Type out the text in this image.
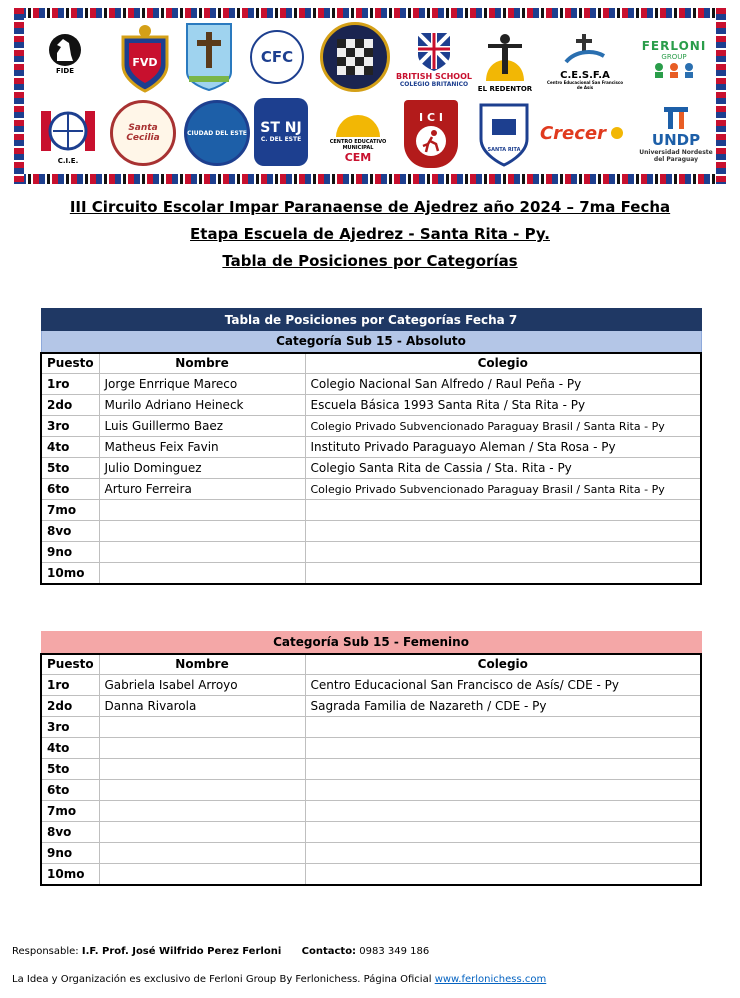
FIDE
FVD	CFC
BRITISH SCHOOL
COLEGIO BRITANICO
EL REDENTOR
C.E.S.F.A
Centro Educacional San Francisco de Asís
FERLONI
GROUP
C.I.E.
Santa Cecilia	CIUDAD DEL ESTE ST NJ
C. DEL ESTE	CENTRO EDUCATIVO MUNICIPAL
CEM
I C I
SANTA RITA
Crecer	UNDP
Universidad Nordeste del Paraguay
III Circuito Escolar Impar Paranaense de Ajedrez año 2024 – 7ma Fecha
Etapa Escuela de Ajedrez - Santa Rita - Py.
Tabla de Posiciones por Categorías
Tabla de Posiciones por Categorías Fecha 7		
Categoría Sub 15 - Absoluto		
Puesto	Nombre	Colegio
1ro	Jorge Enrrique Mareco	Colegio Nacional San Alfredo / Raul Peña - Py
2do	Murilo Adriano Heineck	Escuela Básica 1993 Santa Rita / Sta Rita - Py
3ro	Luis Guillermo Baez	Colegio Privado Subvencionado Paraguay Brasil / Santa Rita - Py
4to	Matheus Feix Favin	Instituto Privado Paraguayo Aleman / Sta Rosa - Py
5to	Julio Dominguez	Colegio Santa Rita de Cassia / Sta. Rita - Py
6to	Arturo Ferreira	Colegio Privado Subvencionado Paraguay Brasil / Santa Rita - Py
7mo		
8vo		
9no		
10mo		
Categoría Sub 15 - Femenino		
Puesto	Nombre	Colegio
1ro	Gabriela Isabel Arroyo	Centro Educacional San Francisco de Asís/ CDE - Py
2do	Danna Rivarola	Sagrada Familia de Nazareth / CDE - Py
3ro		
4to		
5to		
6to		
7mo		
8vo		
9no		
10mo		
Responsable: I.F. Prof. José Wilfrido Perez Ferloni Contacto: 0983 349 186
La Idea y Organización es exclusivo de Ferloni Group By Ferlonichess. Página Oficial www.ferlonichess.com
